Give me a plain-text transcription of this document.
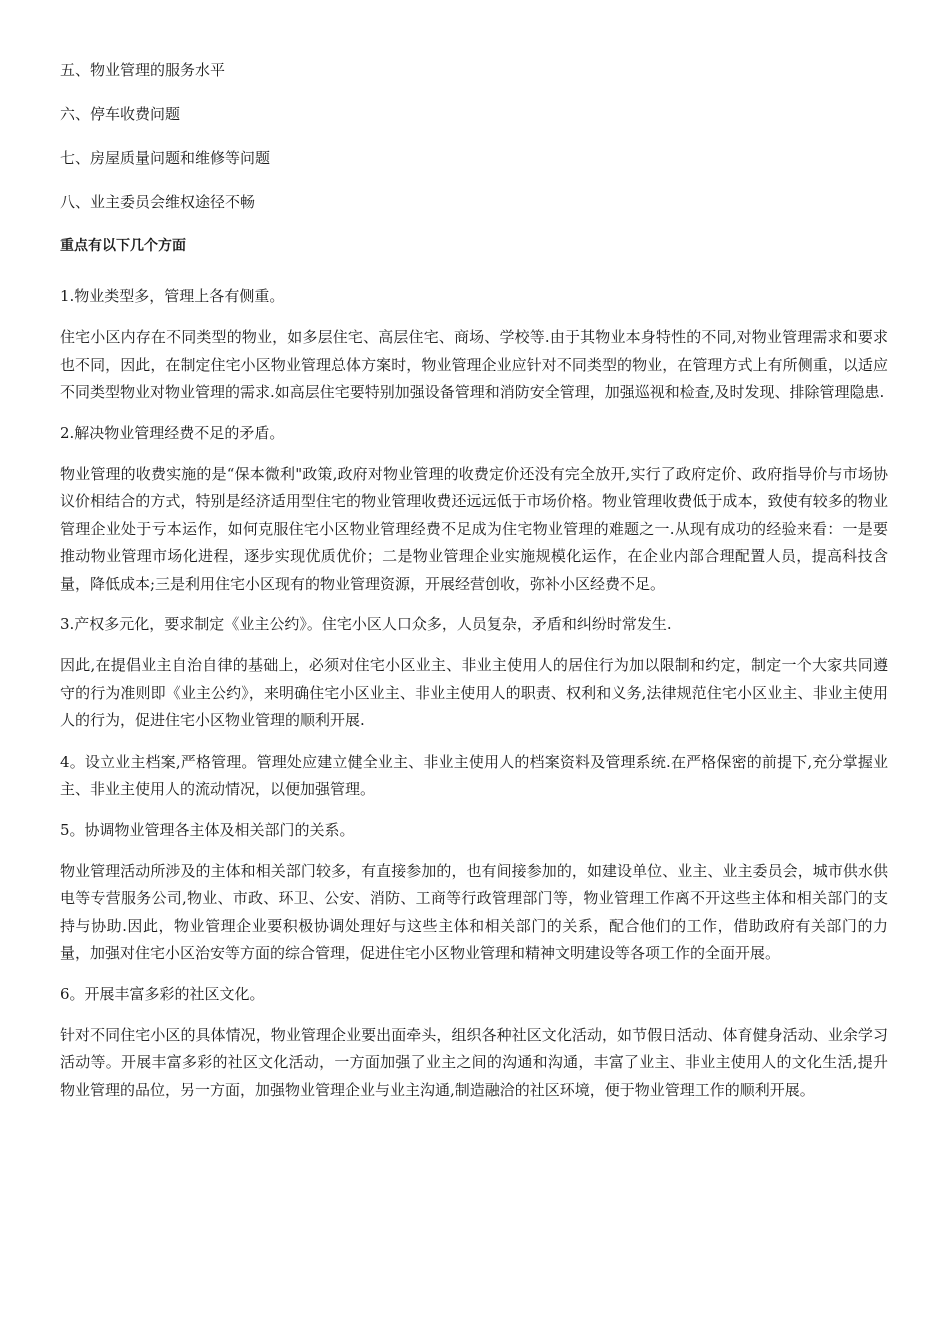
五、物业管理的服务水平

六、停车收费问题

七、房屋质量问题和维修等问题

八、业主委员会维权途径不畅

重点有以下几个方面

1.物业类型多，管理上各有侧重。

住宅小区内存在不同类型的物业，如多层住宅、高层住宅、商场、学校等.由于其物业本身特性的不同,对物业管理需求和要求也不同，因此，在制定住宅小区物业管理总体方案时，物业管理企业应针对不同类型的物业，在管理方式上有所侧重，以适应不同类型物业对物业管理的需求.如高层住宅要特别加强设备管理和消防安全管理，加强巡视和检查,及时发现、排除管理隐患.

2.解决物业管理经费不足的矛盾。

物业管理的收费实施的是“保本微利"政策,政府对物业管理的收费定价还没有完全放开,实行了政府定价、政府指导价与市场协议价相结合的方式，特别是经济适用型住宅的物业管理收费还远远低于市场价格。物业管理收费低于成本，致使有较多的物业管理企业处于亏本运作，如何克服住宅小区物业管理经费不足成为住宅物业管理的难题之一.从现有成功的经验来看：一是要推动物业管理市场化进程，逐步实现优质优价；二是物业管理企业实施规模化运作，在企业内部合理配置人员，提高科技含量，降低成本;三是利用住宅小区现有的物业管理资源，开展经营创收，弥补小区经费不足。

3.产权多元化，要求制定《业主公约》。住宅小区人口众多，人员复杂，矛盾和纠纷时常发生.

因此,在提倡业主自治自律的基础上，必须对住宅小区业主、非业主使用人的居住行为加以限制和约定，制定一个大家共同遵守的行为准则即《业主公约》，来明确住宅小区业主、非业主使用人的职责、权利和义务,法律规范住宅小区业主、非业主使用人的行为，促进住宅小区物业管理的顺利开展.

4。设立业主档案,严格管理。管理处应建立健全业主、非业主使用人的档案资料及管理系统.在严格保密的前提下,充分掌握业主、非业主使用人的流动情况，以便加强管理。

5。协调物业管理各主体及相关部门的关系。

物业管理活动所涉及的主体和相关部门较多，有直接参加的，也有间接参加的，如建设单位、业主、业主委员会，城市供水供电等专营服务公司,物业、市政、环卫、公安、消防、工商等行政管理部门等，物业管理工作离不开这些主体和相关部门的支持与协助.因此，物业管理企业要积极协调处理好与这些主体和相关部门的关系，配合他们的工作，借助政府有关部门的力量，加强对住宅小区治安等方面的综合管理，促进住宅小区物业管理和精神文明建设等各项工作的全面开展。

6。开展丰富多彩的社区文化。

针对不同住宅小区的具体情况，物业管理企业要出面牵头，组织各种社区文化活动，如节假日活动、体育健身活动、业余学习活动等。开展丰富多彩的社区文化活动，一方面加强了业主之间的沟通和沟通，丰富了业主、非业主使用人的文化生活,提升物业管理的品位，另一方面，加强物业管理企业与业主沟通,制造融洽的社区环境，便于物业管理工作的顺利开展。
